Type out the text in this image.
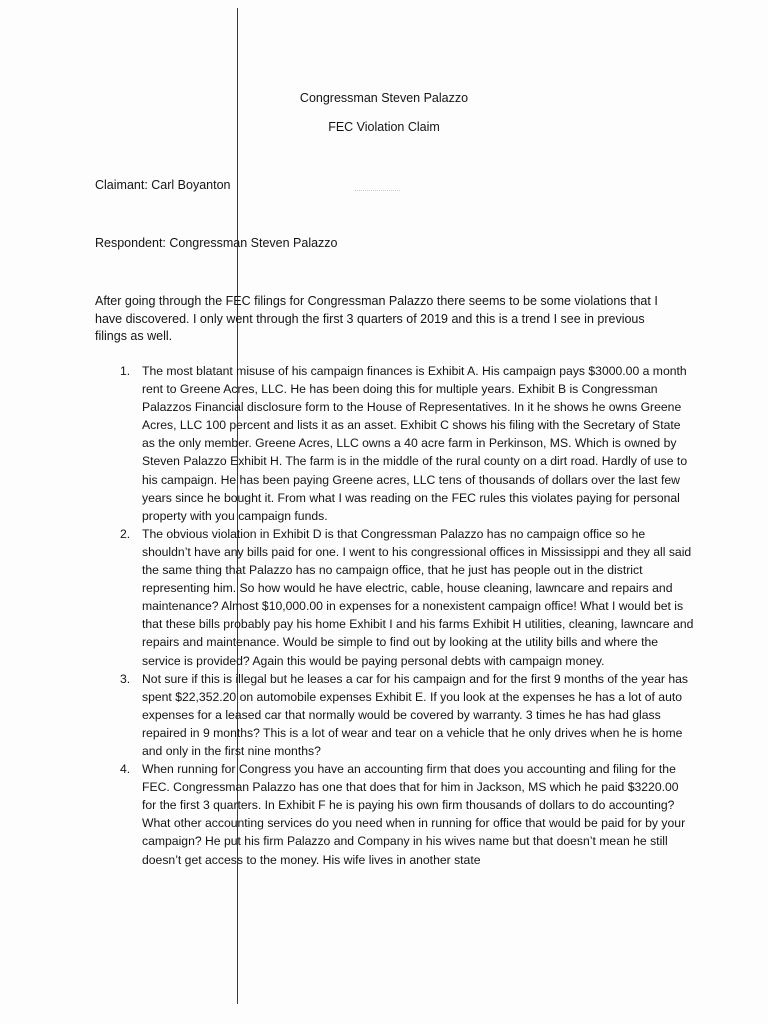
Congressman Steven Palazzo
FEC Violation Claim
Claimant: Carl Boyanton
Respondent: Congressman Steven Palazzo

After going through the FEC filings for Congressman Palazzo there seems to be some violations that I have discovered. I only went through the first 3 quarters of 2019 and this is a trend I see in previous filings as well.

1. The most blatant misuse of his campaign finances is Exhibit A. His campaign pays $3000.00 a month rent to Greene Acres, LLC. He has been doing this for multiple years. Exhibit B is Congressman Palazzos Financial disclosure form to the House of Representatives. In it he shows he owns Greene Acres, LLC 100 percent and lists it as an asset. Exhibit C shows his filing with the Secretary of State as the only member. Greene Acres, LLC owns a 40 acre farm in Perkinson, MS. Which is owned by Steven Palazzo Exhibit H. The farm is in the middle of the rural county on a dirt road. Hardly of use to his campaign. He has been paying Greene acres, LLC tens of thousands of dollars over the last few years since he bought it. From what I was reading on the FEC rules this violates paying for personal property with you campaign funds.
2. The obvious violation in Exhibit D is that Congressman Palazzo has no campaign office so he shouldn’t have any bills paid for one. I went to his congressional offices in Mississippi and they all said the same thing that Palazzo has no campaign office, that he just has people out in the district representing him. So how would he have electric, cable, house cleaning, lawncare and repairs and maintenance? Almost $10,000.00 in expenses for a nonexistent campaign office! What I would bet is that these bills probably pay his home Exhibit I and his farms Exhibit H utilities, cleaning, lawncare and repairs and maintenance. Would be simple to find out by looking at the utility bills and where the service is provided? Again this would be paying personal debts with campaign money.
3. Not sure if this is illegal but he leases a car for his campaign and for the first 9 months of the year has spent $22,352.20 on automobile expenses Exhibit E. If you look at the expenses he has a lot of auto expenses for a leased car that normally would be covered by warranty. 3 times he has had glass repaired in 9 months? This is a lot of wear and tear on a vehicle that he only drives when he is home and only in the first nine months?
4. When running for Congress you have an accounting firm that does you accounting and filing for the FEC. Congressman Palazzo has one that does that for him in Jackson, MS which he paid $3220.00 for the first 3 quarters. In Exhibit F he is paying his own firm thousands of dollars to do accounting? What other accounting services do you need when in running for office that would be paid for by your campaign? He put his firm Palazzo and Company in his wives name but that doesn’t mean he still doesn’t get access to the money. His wife lives in another state
